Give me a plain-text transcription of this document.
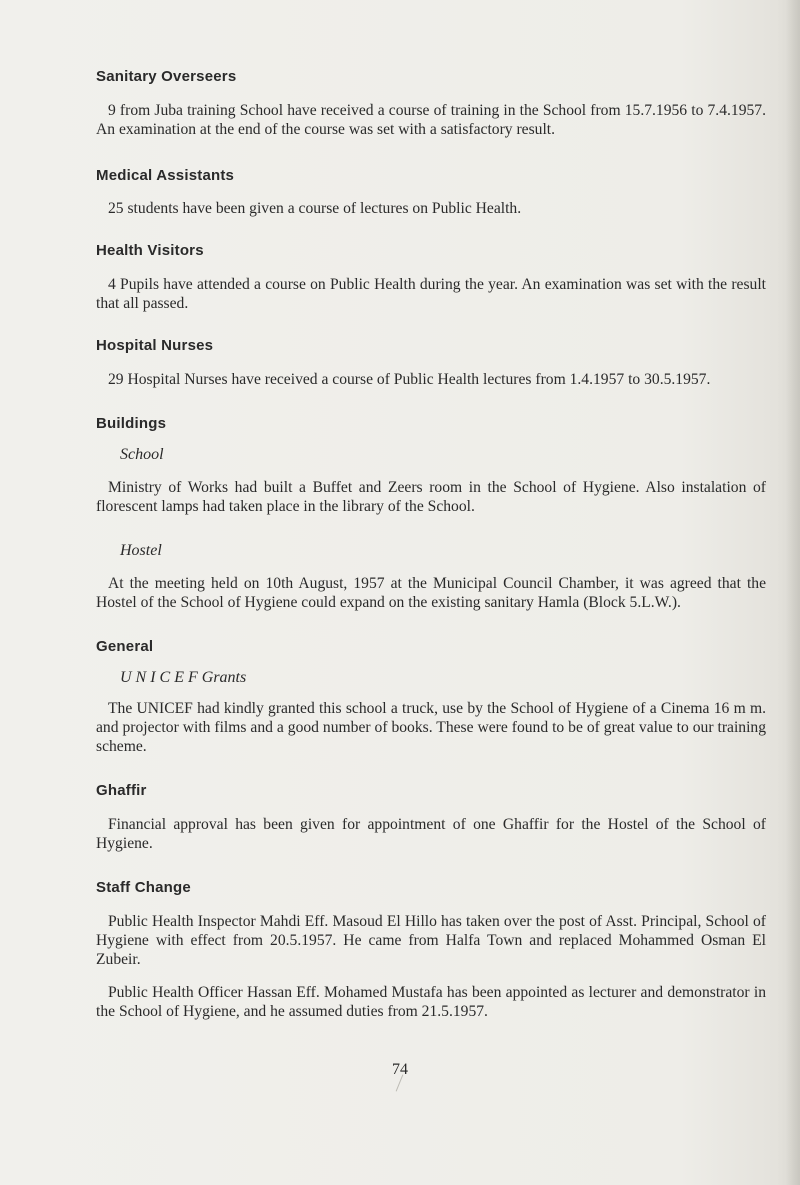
Sanitary Overseers

9 from Juba training School have received a course of training in the School from 15.7.1956 to 7.4.1957. An examination at the end of the course was set with a satisfactory result.

Medical Assistants

25 students have been given a course of lectures on Public Health.

Health Visitors

4 Pupils have attended a course on Public Health during the year. An examination was set with the result that all passed.

Hospital Nurses

29 Hospital Nurses have received a course of Public Health lectures from 1.4.1957 to 30.5.1957.

Buildings

School

Ministry of Works had built a Buffet and Zeers room in the School of Hygiene. Also instalation of florescent lamps had taken place in the library of the School.

Hostel

At the meeting held on 10th August, 1957 at the Municipal Council Chamber, it was agreed that the Hostel of the School of Hygiene could expand on the existing sanitary Hamla (Block 5.L.W.).

General

U N I C E F Grants

The UNICEF had kindly granted this school a truck, use by the School of Hygiene of a Cinema 16 m m. and projector with films and a good number of books. These were found to be of great value to our training scheme.

Ghaffir

Financial approval has been given for appointment of one Ghaffir for the Hostel of the School of Hygiene.

Staff Change

Public Health Inspector Mahdi Eff. Masoud El Hillo has taken over the post of Asst. Principal, School of Hygiene with effect from 20.5.1957. He came from Halfa Town and replaced Mohammed Osman El Zubeir.

Public Health Officer Hassan Eff. Mohamed Mustafa has been appointed as lecturer and demonstrator in the School of Hygiene, and he assumed duties from 21.5.1957.

74
